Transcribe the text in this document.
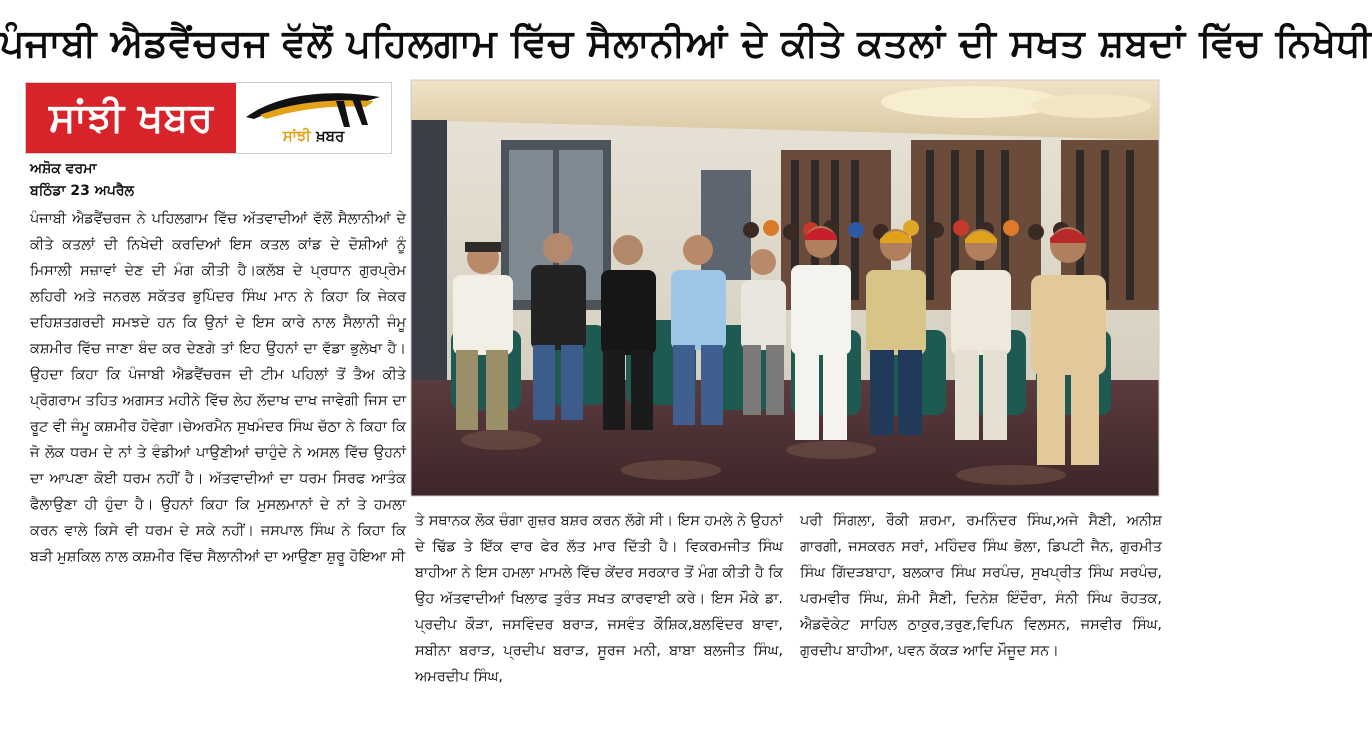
ਪੰਜਾਬੀ ਐਡਵੈਂਚਰਜ ਵੱਲੋਂ ਪਹਿਲਗਾਮ ਵਿੱਚ ਸੈਲਾਨੀਆਂ ਦੇ ਕੀਤੇ ਕਤਲਾਂ ਦੀ ਸਖਤ ਸ਼ਬਦਾਂ ਵਿੱਚ ਨਿਖੇਧੀ
ਸਾਂਝੀ ਖਬਰ	ਸਾਂਝੀ ਖ਼ਬਰ
ਅਸ਼ੋਕ ਵਰਮਾ
ਬਠਿੰਡਾ 23 ਅਪਰੈਲ

ਪੰਜਾਬੀ ਐਡਵੈਂਚਰਜ ਨੇ ਪਹਿਲਗਾਮ ਵਿੱਚ ਅੱਤਵਾਦੀਆਂ ਵੱਲੋਂ ਸੈਲਾਨੀਆਂ ਦੇ ਕੀਤੇ ਕਤਲਾਂ ਦੀ ਨਿਖੇਦੀ ਕਰਦਿਆਂ ਇਸ ਕਤਲ ਕਾਂਡ ਦੇ ਦੋਸ਼ੀਆਂ ਨੂੰ ਮਿਸਾਲੀ ਸਜ਼ਾਵਾਂ ਦੇਣ ਦੀ ਮੰਗ ਕੀਤੀ ਹੈ।ਕਲੱਬ ਦੇ ਪ੍ਰਧਾਨ ਗੁਰਪ੍ਰੇਮ ਲਹਿਰੀ ਅਤੇ ਜਨਰਲ ਸਕੱਤਰ ਭੁਪਿੰਦਰ ਸਿੰਘ ਮਾਨ ਨੇ ਕਿਹਾ ਕਿ ਜੇਕਰ ਦਹਿਸ਼ਤਗਰਦੀ ਸਮਝਦੇ ਹਨ ਕਿ ਉਨਾਂ ਦੇ ਇਸ ਕਾਰੇ ਨਾਲ ਸੈਲਾਨੀ ਜੰਮੂ ਕਸ਼ਮੀਰ ਵਿੱਚ ਜਾਣਾ ਬੰਦ ਕਰ ਦੇਣਗੇ ਤਾਂ ਇਹ ਉਹਨਾਂ ਦਾ ਵੱਡਾ ਭੁਲੇਖਾ ਹੈ। ਉਹਦਾ ਕਿਹਾ ਕਿ ਪੰਜਾਬੀ ਐਡਵੈਂਚਰਜ ਦੀ ਟੀਮ ਪਹਿਲਾਂ ਤੋਂ ਤੈਅ ਕੀਤੇ ਪ੍ਰੋਗਰਾਮ ਤਹਿਤ ਅਗਸਤ ਮਹੀਨੇ ਵਿੱਚ ਲੇਹ ਲੱਦਾਖ ਦਾਖ ਜਾਵੇਗੀ ਜਿਸ ਦਾ ਰੂਟ ਵੀ ਜੰਮੂ ਕਸ਼ਮੀਰ ਹੋਵੇਗਾ।ਚੇਅਰਮੈਨ ਸੁਖਮੰਦਰ ਸਿੰਘ ਚੱਠਾ ਨੇ ਕਿਹਾ ਕਿ ਜੋ ਲੋਕ ਧਰਮ ਦੇ ਨਾਂ ਤੇ ਵੰਡੀਆਂ ਪਾਉਣੀਆਂ ਚਾਹੁੰਦੇ ਨੇ ਅਸਲ ਵਿੱਚ ਉਹਨਾਂ ਦਾ ਆਪਣਾ ਕੋਈ ਧਰਮ ਨਹੀਂ ਹੈ। ਅੱਤਵਾਦੀਆਂ ਦਾ ਧਰਮ ਸਿਰਫ ਆਤੰਕ ਫੈਲਾਉਣਾ ਹੀ ਹੁੰਦਾ ਹੈ। ਉਹਨਾਂ ਕਿਹਾ ਕਿ ਮੁਸਲਮਾਨਾਂ ਦੇ ਨਾਂ ਤੇ ਹਮਲਾ ਕਰਨ ਵਾਲੇ ਕਿਸੇ ਵੀ ਧਰਮ ਦੇ ਸਕੇ ਨਹੀਂ। ਜਸਪਾਲ ਸਿੰਘ ਨੇ ਕਿਹਾ ਕਿ ਬੜੀ ਮੁਸ਼ਕਿਲ ਨਾਲ ਕਸ਼ਮੀਰ ਵਿੱਚ ਸੈਲਾਨੀਆਂ ਦਾ ਆਉਣਾ ਸ਼ੁਰੂ ਹੋਇਆ ਸੀ

ਤੇ ਸਥਾਨਕ ਲੋਕ ਚੰਗਾ ਗੁਜ਼ਰ ਬਸ਼ਰ ਕਰਨ ਲੱਗੇ ਸੀ। ਇਸ ਹਮਲੇ ਨੇ ਉਹਨਾਂ ਦੇ ਢਿੱਡ ਤੇ ਇੱਕ ਵਾਰ ਫੇਰ ਲੱਤ ਮਾਰ ਦਿੱਤੀ ਹੈ। ਵਿਕਰਮਜੀਤ ਸਿੰਘ ਬਾਹੀਆ ਨੇ ਇਸ ਹਮਲਾ ਮਾਮਲੇ ਵਿੱਚ ਕੇਂਦਰ ਸਰਕਾਰ ਤੋਂ ਮੰਗ ਕੀਤੀ ਹੈ ਕਿ ਉਹ ਅੱਤਵਾਦੀਆਂ ਖਿਲਾਫ ਤੁਰੰਤ ਸਖਤ ਕਾਰਵਾਈ ਕਰੇ। ਇਸ ਮੌਕੇ ਡਾ. ਪ੍ਰਦੀਪ ਕੌੜਾ, ਜਸਵਿੰਦਰ ਬਰਾੜ, ਜਸਵੰਤ ਕੌਸ਼ਿਕ,ਬਲਵਿੰਦਰ ਬਾਵਾ, ਸਬੀਨਾ ਬਰਾੜ, ਪ੍ਰਦੀਪ ਬਰਾੜ, ਸੂਰਜ ਮਨੀ, ਬਾਬਾ ਬਲਜੀਤ ਸਿੰਘ, ਅਮਰਦੀਪ ਸਿੰਘ,

ਪਰੀ ਸਿੰਗਲਾ, ਰੌਕੀ ਸ਼ਰਮਾ, ਰਮਨਿੰਦਰ ਸਿੰਘ,ਅਜੇ ਸੈਣੀ, ਅਨੀਸ਼ ਗਾਰਗੀ, ਜਸਕਰਨ ਸਰਾਂ, ਮਹਿੰਦਰ ਸਿੰਘ ਭੋਲਾ, ਡਿਪਟੀ ਜੈਨ, ਗੁਰਮੀਤ ਸਿੰਘ ਗਿੱਦੜਬਾਹਾ, ਬਲਕਾਰ ਸਿੰਘ ਸਰਪੰਚ, ਸੁਖਪ੍ਰੀਤ ਸਿੰਘ ਸਰਪੰਚ, ਪਰਮਵੀਰ ਸਿੰਘ, ਸ਼ੰਮੀ ਸੈਣੀ, ਦਿਨੇਸ਼ ਇੰਦੌਰਾ, ਸੰਨੀ ਸਿੰਘ ਰੋਹਤਕ, ਐਡਵੋਕੇਟ ਸਾਹਿਲ ਠਾਕੁਰ,ਤਰੁਣ,ਵਿਪਿਨ ਵਿਲਸਨ, ਜਸਵੀਰ ਸਿੰਘ, ਗੁਰਦੀਪ ਬਾਹੀਆ, ਪਵਨ ਕੱਕੜ ਆਦਿ ਮੌਜੂਦ ਸਨ।
